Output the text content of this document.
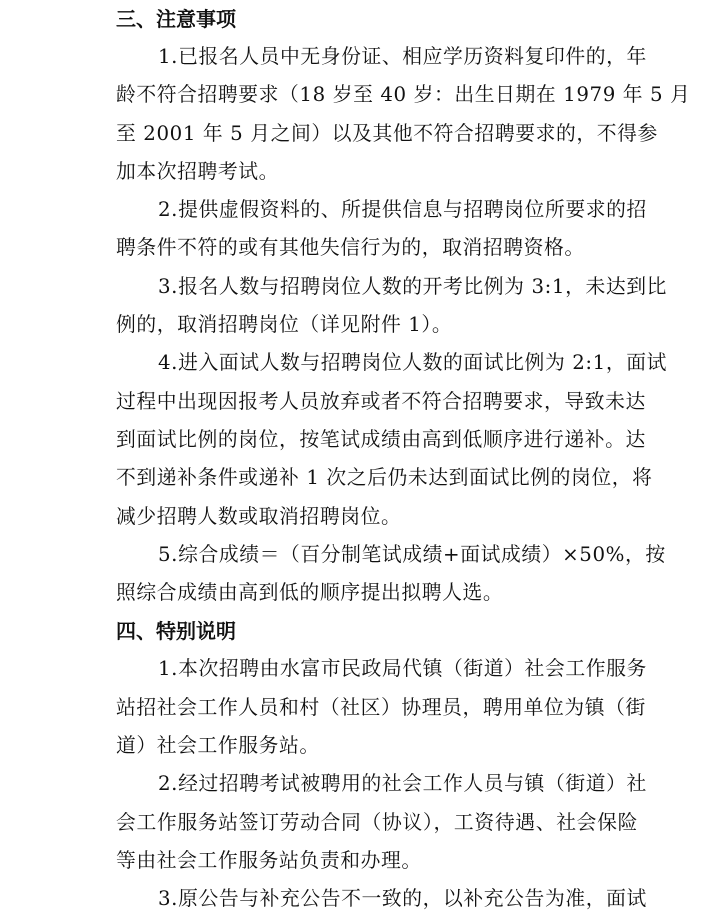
三、注意事项
1.已报名人员中无身份证、相应学历资料复印件的，年
龄不符合招聘要求（18 岁至 40 岁：出生日期在 1979 年 5 月
至 2001 年 5 月之间）以及其他不符合招聘要求的，不得参
加本次招聘考试。
2.提供虚假资料的、所提供信息与招聘岗位所要求的招
聘条件不符的或有其他失信行为的，取消招聘资格。
3.报名人数与招聘岗位人数的开考比例为 3:1，未达到比
例的，取消招聘岗位（详见附件 1）。
4.进入面试人数与招聘岗位人数的面试比例为 2:1，面试
过程中出现因报考人员放弃或者不符合招聘要求，导致未达
到面试比例的岗位，按笔试成绩由高到低顺序进行递补。达
不到递补条件或递补 1 次之后仍未达到面试比例的岗位，将
减少招聘人数或取消招聘岗位。
5.综合成绩＝（百分制笔试成绩+面试成绩）×50%，按
照综合成绩由高到低的顺序提出拟聘人选。
四、特别说明
1.本次招聘由水富市民政局代镇（街道）社会工作服务
站招社会工作人员和村（社区）协理员，聘用单位为镇（街
道）社会工作服务站。
2.经过招聘考试被聘用的社会工作人员与镇（街道）社
会工作服务站签订劳动合同（协议），工资待遇、社会保险
等由社会工作服务站负责和办理。
3.原公告与补充公告不一致的，以补充公告为准，面试
